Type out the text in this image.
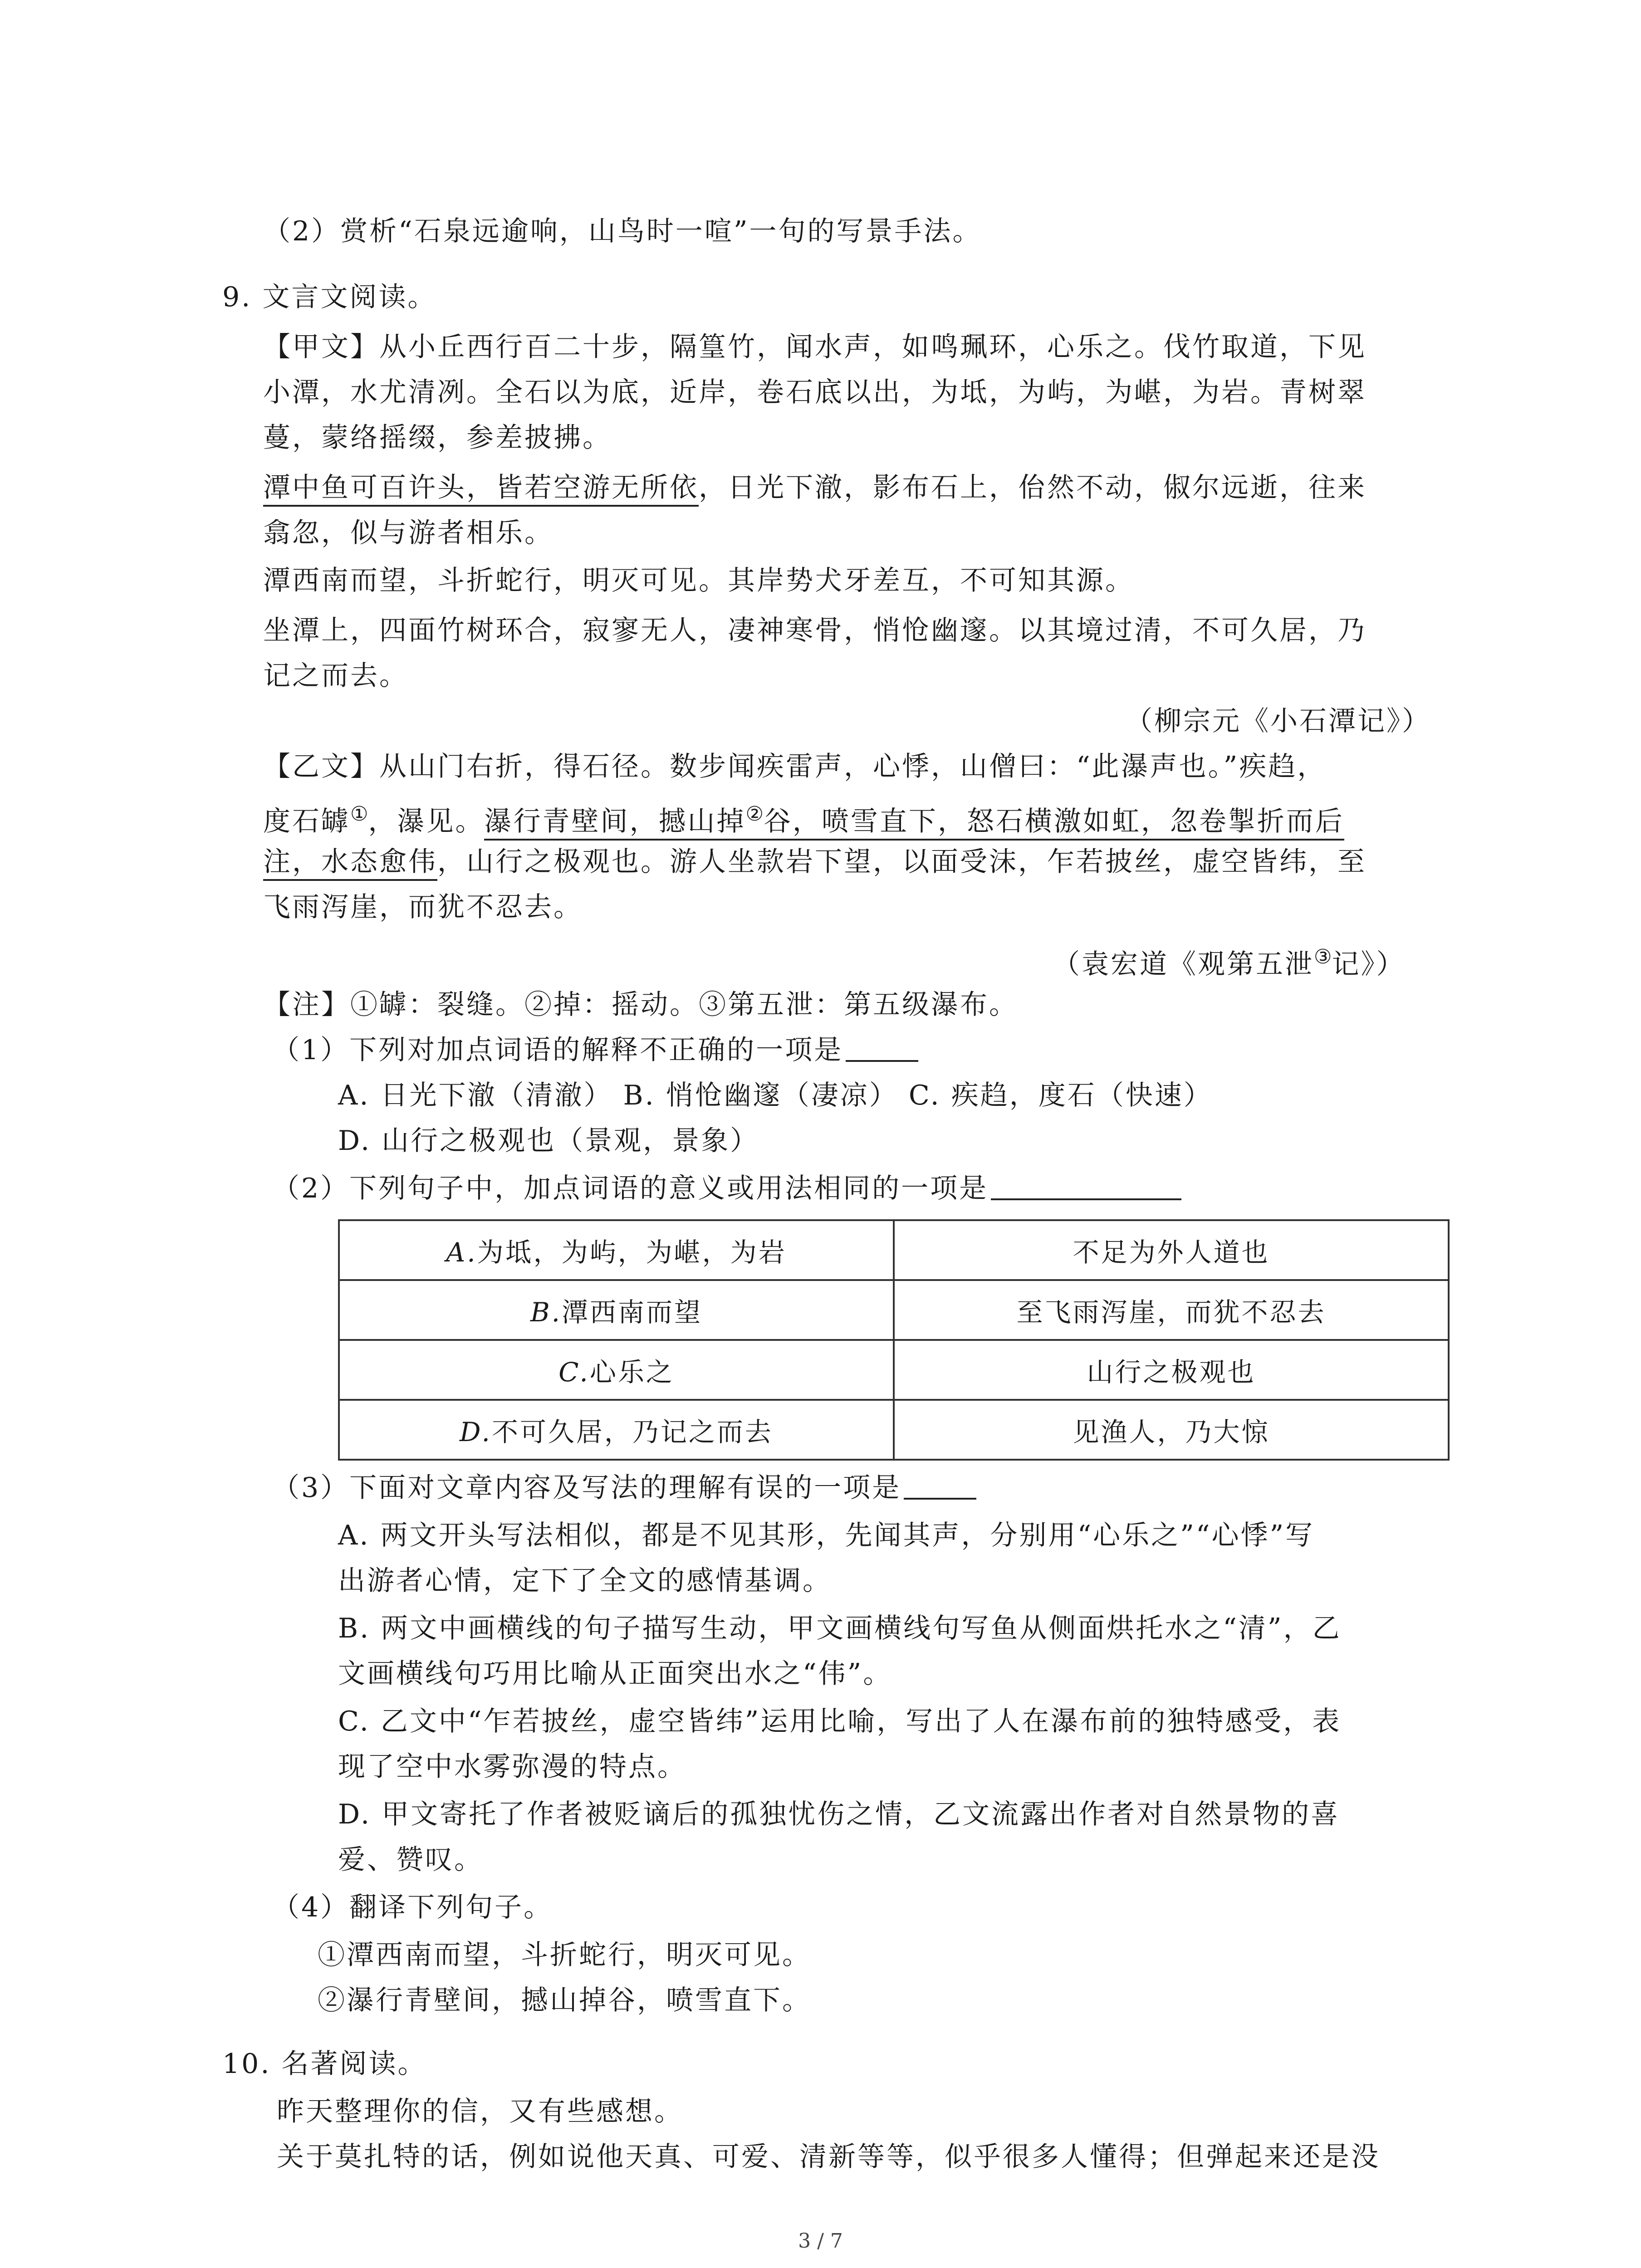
（2）赏析“石泉远逾响，山鸟时一喧”一句的写景手法。
9. 文言文阅读。
【甲文】从小丘西行百二十步，隔篁竹，闻水声，如鸣珮环，心乐之。伐竹取道，下见
小潭，水尤清冽。全石以为底，近岸，卷石底以出，为坻，为屿，为嵁，为岩。青树翠
蔓，蒙络摇缀，参差披拂。
潭中鱼可百许头，皆若空游无所依，日光下澈，影布石上，佁然不动，俶尔远逝，往来
翕忽，似与游者相乐。
潭西南而望，斗折蛇行，明灭可见。其岸势犬牙差互，不可知其源。
坐潭上，四面竹树环合，寂寥无人，凄神寒骨，悄怆幽邃。以其境过清，不可久居，乃
记之而去。
（柳宗元《小石潭记》）
【乙文】从山门右折，得石径。数步闻疾雷声，心悸，山僧曰：“此瀑声也。”疾趋，
度石罅①，瀑见。瀑行青壁间，撼山掉②谷，喷雪直下，怒石横激如虹，忽卷掣折而后
注，水态愈伟，山行之极观也。游人坐款岩下望，以面受沫，乍若披丝，虚空皆纬，至
飞雨泻崖，而犹不忍去。
（袁宏道《观第五泄③记》）
【注】①罅：裂缝。②掉：摇动。③第五泄：第五级瀑布。
（1）下列对加点词语的解释不正确的一项是
A. 日光下澈（清澈） B. 悄怆幽邃（凄凉） C. 疾趋，度石（快速）
D. 山行之极观也（景观，景象）
（2）下列句子中，加点词语的意义或用法相同的一项是
A.为坻，为屿，为嵁，为岩	不足为外人道也
B.潭西南而望	至飞雨泻崖，而犹不忍去
C.心乐之	山行之极观也
D.不可久居，乃记之而去	见渔人，乃大惊
（3）下面对文章内容及写法的理解有误的一项是
A. 两文开头写法相似，都是不见其形，先闻其声，分别用“心乐之”“心悸”写
出游者心情，定下了全文的感情基调。
B. 两文中画横线的句子描写生动，甲文画横线句写鱼从侧面烘托水之“清”，乙
文画横线句巧用比喻从正面突出水之“伟”。
C. 乙文中“乍若披丝，虚空皆纬”运用比喻，写出了人在瀑布前的独特感受，表
现了空中水雾弥漫的特点。
D. 甲文寄托了作者被贬谪后的孤独忧伤之情，乙文流露出作者对自然景物的喜
爱、赞叹。
（4）翻译下列句子。
①潭西南而望，斗折蛇行，明灭可见。
②瀑行青壁间，撼山掉谷，喷雪直下。
10. 名著阅读。
昨天整理你的信，又有些感想。
关于莫扎特的话，例如说他天真、可爱、清新等等，似乎很多人懂得；但弹起来还是没
3 / 7
